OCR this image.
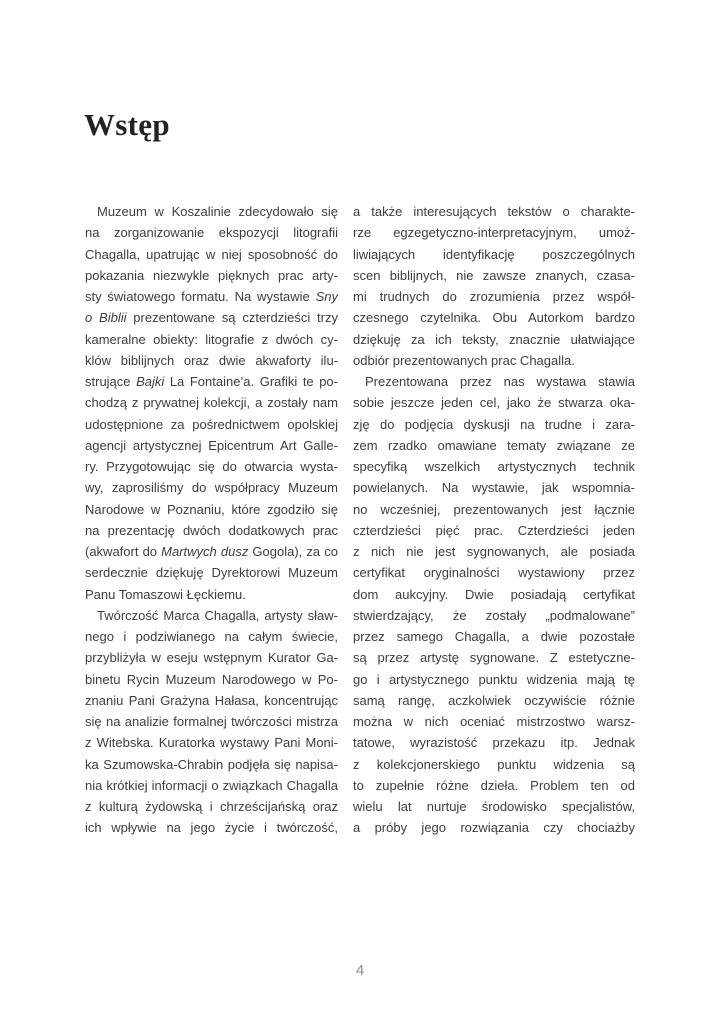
Wstęp
Muzeum w Koszalinie zdecydowało się
na zorganizowanie ekspozycji litografii
Chagalla, upatrując w niej sposobność do
pokazania niezwykle pięknych prac arty-
sty światowego formatu. Na wystawie Sny
o Biblii prezentowane są czterdzieści trzy
kameralne obiekty: litografie z dwóch cy-
klów biblijnych oraz dwie akwaforty ilu-
strujące Bajki La Fontaine’a. Grafiki te po-
chodzą z prywatnej kolekcji, a zostały nam
udostępnione za pośrednictwem opolskiej
agencji artystycznej Epicentrum Art Galle-
ry. Przygotowując się do otwarcia wysta-
wy, zaprosiliśmy do współpracy Muzeum
Narodowe w Poznaniu, które zgodziło się
na prezentację dwóch dodatkowych prac
(akwafort do Martwych dusz Gogola), za co
serdecznie dziękuję Dyrektorowi Muzeum
Panu Tomaszowi Łęckiemu.
Twórczość Marca Chagalla, artysty sław-
nego i podziwianego na całym świecie,
przybliżyła w eseju wstępnym Kurator Ga-
binetu Rycin Muzeum Narodowego w Po-
znaniu Pani Grażyna Hałasa, koncentrując
się na analizie formalnej twórczości mistrza
z Witebska. Kuratorka wystawy Pani Moni-
ka Szumowska-Chrabin podjęła się napisa-
nia krótkiej informacji o związkach Chagalla
z kulturą żydowską i chrześcijańską oraz
ich wpływie na jego życie i twórczość,
a także interesujących tekstów o charakte-
rze egzegetyczno-interpretacyjnym, umoż-
liwiających identyfikację poszczególnych
scen biblijnych, nie zawsze znanych, czasa-
mi trudnych do zrozumienia przez współ-
czesnego czytelnika. Obu Autorkom bardzo
dziękuję za ich teksty, znacznie ułatwiające
odbiór prezentowanych prac Chagalla.
Prezentowana przez nas wystawa stawia
sobie jeszcze jeden cel, jako że stwarza oka-
zję do podjęcia dyskusji na trudne i zara-
zem rzadko omawiane tematy związane ze
specyfiką wszelkich artystycznych technik
powielanych. Na wystawie, jak wspomnia-
no wcześniej, prezentowanych jest łącznie
czterdzieści pięć prac. Czterdzieści jeden
z nich nie jest sygnowanych, ale posiada
certyfikat oryginalności wystawiony przez
dom aukcyjny. Dwie posiadają certyfikat
stwierdzający, że zostały „podmalowane”
przez samego Chagalla, a dwie pozostałe
są przez artystę sygnowane. Z estetyczne-
go i artystycznego punktu widzenia mają tę
samą rangę, aczkolwiek oczywiście różnie
można w nich oceniać mistrzostwo warsz-
tatowe, wyrazistość przekazu itp. Jednak
z kolekcjonerskiego punktu widzenia są
to zupełnie różne dzieła. Problem ten od
wielu lat nurtuje środowisko specjalistów,
a próby jego rozwiązania czy chociażby
4
